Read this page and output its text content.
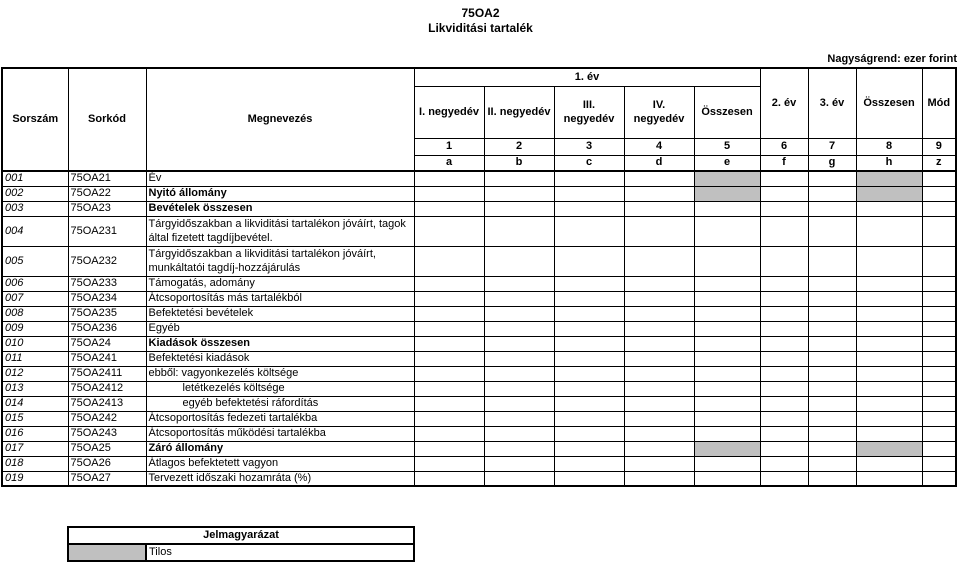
75OA2
Likviditási tartalék
Nagyságrend: ezer forint
Sorszám	Sorkód	Megnevezés	1. év					2. év	3. év	Összesen	Mód
			I. negyedév	II. negyedév	III. negyedév	IV. negyedév	Összesen				
			1	2	3	4	5	6	7	8	9
			a	b	c	d	e	f	g	h	z
001	75OA21	Év									
002	75OA22	Nyitó állomány									
003	75OA23	Bevételek összesen									
004	75OA231	Tárgyidőszakban a likviditási tartalékon jóváírt, tagok által fizetett tagdíjbevétel.									
005	75OA232	Tárgyidőszakban a likviditási tartalékon jóváírt, munkáltatói tagdíj-hozzájárulás									
006	75OA233	Támogatás, adomány									
007	75OA234	Átcsoportosítás más tartalékból									
008	75OA235	Befektetési bevételek									
009	75OA236	Egyéb									
010	75OA24	Kiadások összesen									
011	75OA241	Befektetési kiadások									
012	75OA2411	ebből: vagyonkezelés költsége									
013	75OA2412	letétkezelés költsége									
014	75OA2413	egyéb befektetési ráfordítás									
015	75OA242	Átcsoportosítás fedezeti tartalékba									
016	75OA243	Átcsoportosítás működési tartalékba									
017	75OA25	Záró állomány									
018	75OA26	Átlagos befektetett vagyon									
019	75OA27	Tervezett időszaki hozamráta (%)									
Jelmagyarázat
	Tilos
